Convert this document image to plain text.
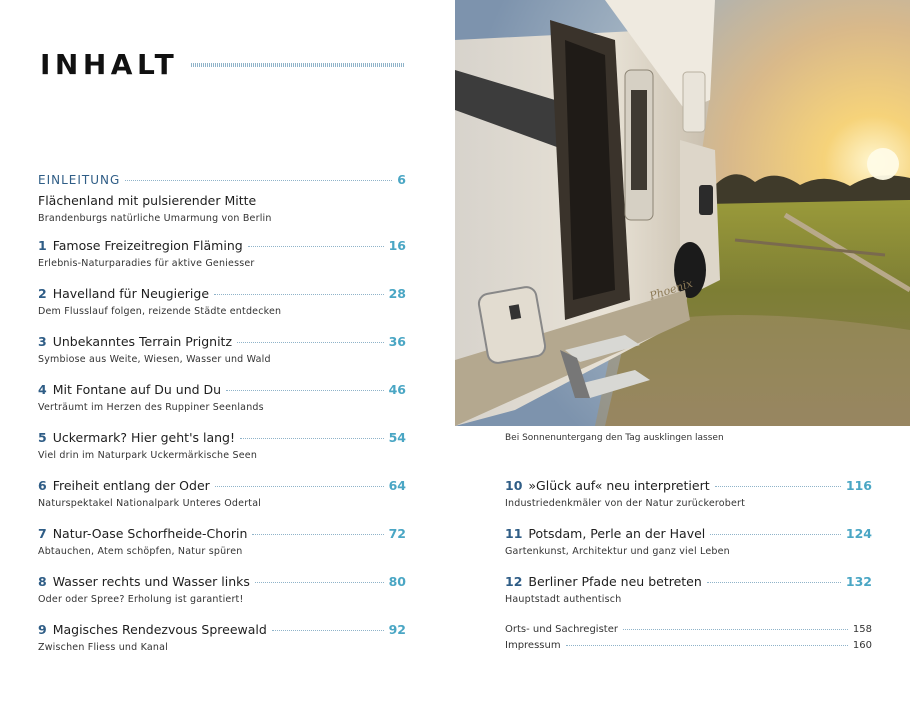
INHALT
EINLEITUNG	6
Flächenland mit pulsierender Mitte
Brandenburgs natürliche Umarmung von Berlin
1 Famose Freizeitregion Fläming	16
Erlebnis-Naturparadies für aktive Geniesser
2 Havelland für Neugierige	28
Dem Flusslauf folgen, reizende Städte entdecken
3 Unbekanntes Terrain Prignitz	36
Symbiose aus Weite, Wiesen, Wasser und Wald
4 Mit Fontane auf Du und Du	46
Verträumt im Herzen des Ruppiner Seenlands
5 Uckermark? Hier geht's lang!	54
Viel drin im Naturpark Uckermärkische Seen
6 Freiheit entlang der Oder	64
Naturspektakel Nationalpark Unteres Odertal
7 Natur-Oase Schorfheide-Chorin	72
Abtauchen, Atem schöpfen, Natur spüren
8 Wasser rechts und Wasser links	80
Oder oder Spree? Erholung ist garantiert!
9 Magisches Rendezvous Spreewald	92
Zwischen Fliess und Kanal
Phoenix
Bei Sonnenuntergang den Tag ausklingen lassen
10 »Glück auf« neu interpretiert	116
Industriedenkmäler von der Natur zurückerobert
11 Potsdam, Perle an der Havel	124
Gartenkunst, Architektur und ganz viel Leben
12 Berliner Pfade neu betreten	132
Hauptstadt authentisch
Orts- und Sachregister	158
Impressum	160
